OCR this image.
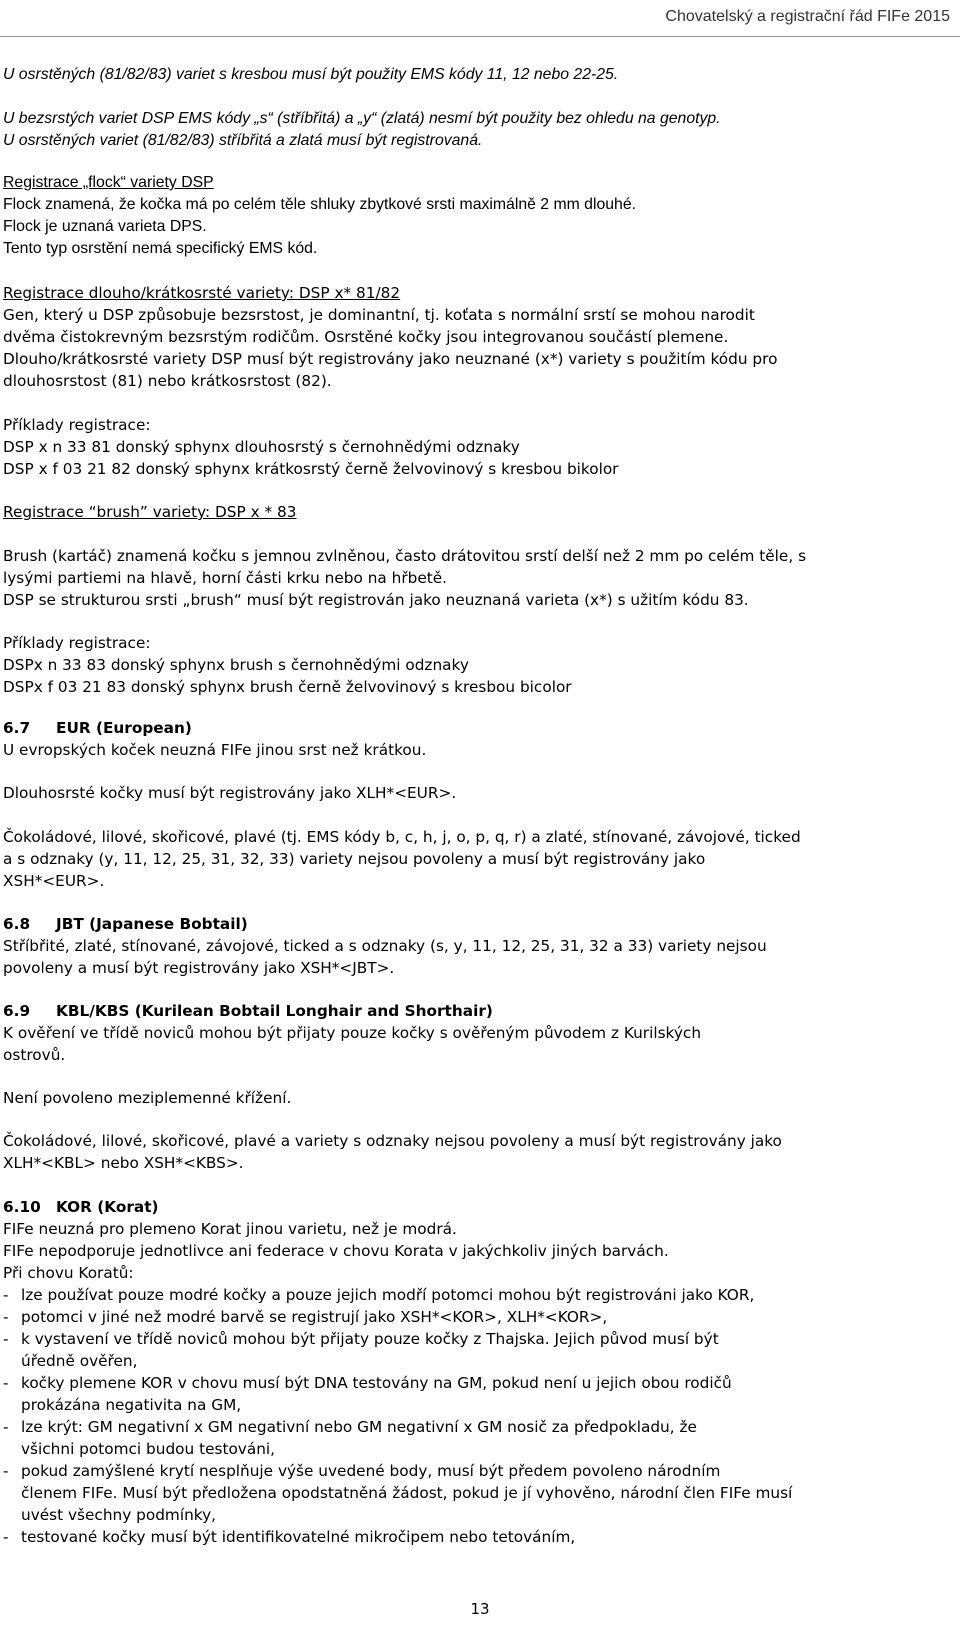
Chovatelský a registrační řád FIFe 2015
U osrstěných (81/82/83) variet s kresbou musí být použity EMS kódy 11, 12 nebo 22-25.
U bezsrstých variet DSP EMS kódy „s“ (stříbřitá) a „y“ (zlatá) nesmí být použity bez ohledu na genotyp.
U osrstěných variet (81/82/83) stříbřitá a zlatá musí být registrovaná.
Registrace „flock“ variety DSP
Flock znamená, že kočka má po celém těle shluky zbytkové srsti maximálně 2 mm dlouhé.
Flock je uznaná varieta DPS.
Tento typ osrstění nemá specifický EMS kód.
Registrace dlouho/krátkosrsté variety: DSP x* 81/82
Gen, který u DSP způsobuje bezsrstost, je dominantní, tj. koťata s normální srstí se mohou narodit
dvěma čistokrevným bezsrstým rodičům. Osrstěné kočky jsou integrovanou součástí plemene.
Dlouho/krátkosrsté variety DSP musí být registrovány jako neuznané (x*) variety s použitím kódu pro
dlouhosrstost (81) nebo krátkosrstost (82).
Příklady registrace:
DSP x n 33 81 donský sphynx dlouhosrstý s černohnědými odznaky
DSP x f 03 21 82 donský sphynx krátkosrstý černě želvovinový s kresbou bikolor
Registrace “brush” variety: DSP x * 83
Brush (kartáč) znamená kočku s jemnou zvlněnou, často drátovitou srstí delší než 2 mm po celém těle, s
lysými partiemi na hlavě, horní části krku nebo na hřbetě.
DSP se strukturou srsti „brush“ musí být registrován jako neuznaná varieta (x*) s užitím kódu 83.
Příklady registrace:
DSPx n 33 83 donský sphynx brush s černohnědými odznaky
DSPx f 03 21 83 donský sphynx brush černě želvovinový s kresbou bicolor
6.7 EUR (European)
U evropských koček neuzná FIFe jinou srst než krátkou.
Dlouhosrsté kočky musí být registrovány jako XLH*<EUR>.
Čokoládové, lilové, skořicové, plavé (tj. EMS kódy b, c, h, j, o, p, q, r) a zlaté, stínované, závojové, ticked
a s odznaky (y, 11, 12, 25, 31, 32, 33) variety nejsou povoleny a musí být registrovány jako
XSH*<EUR>.
6.8 JBT (Japanese Bobtail)
Stříbřité, zlaté, stínované, závojové, ticked a s odznaky (s, y, 11, 12, 25, 31, 32 a 33) variety nejsou
povoleny a musí být registrovány jako XSH*<JBT>.
6.9 KBL/KBS (Kurilean Bobtail Longhair and Shorthair)
K ověření ve třídě noviců mohou být přijaty pouze kočky s ověřeným původem z Kurilských
ostrovů.
Není povoleno meziplemenné křížení.
Čokoládové, lilové, skořicové, plavé a variety s odznaky nejsou povoleny a musí být registrovány jako
XLH*<KBL> nebo XSH*<KBS>.
6.10 KOR (Korat)
FIFe neuzná pro plemeno Korat jinou varietu, než je modrá.
FIFe nepodporuje jednotlivce ani federace v chovu Korata v jakýchkoliv jiných barvách.
Při chovu Koratů:
- lze používat pouze modré kočky a pouze jejich modří potomci mohou být registrováni jako KOR,
- potomci v jiné než modré barvě se registrují jako XSH*<KOR>, XLH*<KOR>,
- k vystavení ve třídě noviců mohou být přijaty pouze kočky z Thajska. Jejich původ musí být
úředně ověřen,
- kočky plemene KOR v chovu musí být DNA testovány na GM, pokud není u jejich obou rodičů
prokázána negativita na GM,
- lze krýt: GM negativní x GM negativní nebo GM negativní x GM nosič za předpokladu, že
všichni potomci budou testováni,
- pokud zamýšlené krytí nesplňuje výše uvedené body, musí být předem povoleno národním
členem FIFe. Musí být předložena opodstatněná žádost, pokud je jí vyhověno, národní člen FIFe musí
uvést všechny podmínky,
- testované kočky musí být identifikovatelné mikročipem nebo tetováním,
13
